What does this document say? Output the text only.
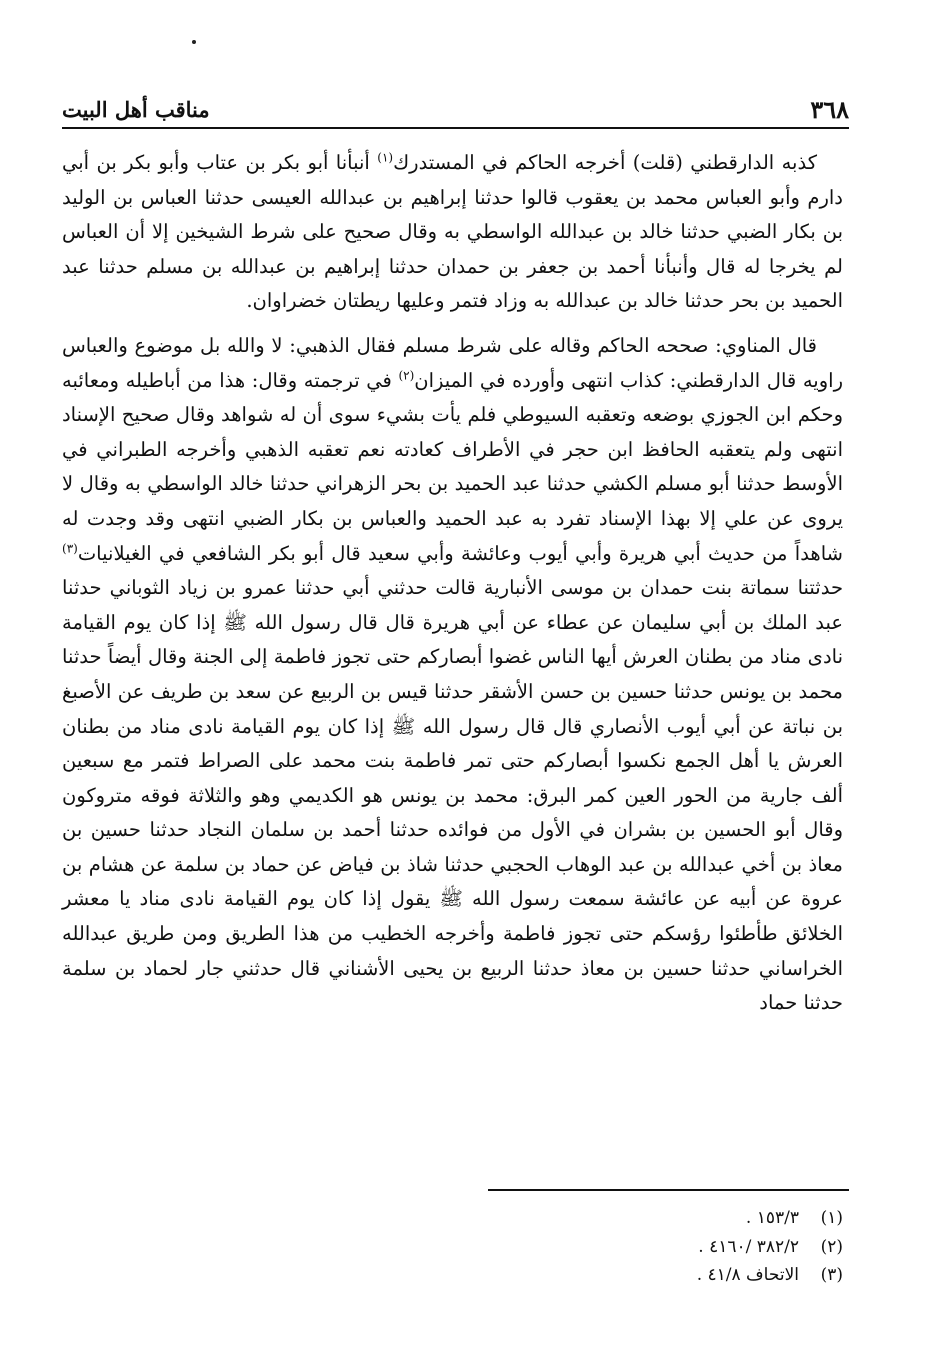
٣٦٨
مناقب أهل البيت

كذبه الدارقطني (قلت) أخرجه الحاكم في المستدرك$^{(١)}$ أنبأنا أبو بكر بن عتاب وأبو بكر بن أبي دارم وأبو العباس محمد بن يعقوب قالوا حدثنا إبراهيم بن عبدالله العيسى حدثنا العباس بن الوليد بن بكار الضبي حدثنا خالد بن عبدالله الواسطي به وقال صحيح على شرط الشيخين إلا أن العباس لم يخرجا له قال وأنبأنا أحمد بن جعفر بن حمدان حدثنا إبراهيم بن عبدالله بن مسلم حدثنا عبد الحميد بن بحر حدثنا خالد بن عبدالله به وزاد فتمر وعليها ريطتان خضراوان.

قال المناوي: صححه الحاكم وقاله على شرط مسلم فقال الذهبي: لا والله بل موضوع والعباس راويه قال الدارقطني: كذاب انتهى وأورده في الميزان$^{(٢)}$ في ترجمته وقال: هذا من أباطيله ومعائبه وحكم ابن الجوزي بوضعه وتعقبه السيوطي فلم يأت بشيء سوى أن له شواهد وقال صحيح الإسناد انتهى ولم يتعقبه الحافظ ابن حجر في الأطراف كعادته نعم تعقبه الذهبي وأخرجه الطبراني في الأوسط حدثنا أبو مسلم الكشي حدثنا عبد الحميد بن بحر الزهراني حدثنا خالد الواسطي به وقال لا يروى عن علي إلا بهذا الإسناد تفرد به عبد الحميد والعباس بن بكار الضبي انتهى وقد وجدت له شاهداً من حديث أبي هريرة وأبي أيوب وعائشة وأبي سعيد قال أبو بكر الشافعي في الغيلانيات$^{(٣)}$ حدثتنا سماتة بنت حمدان بن موسى الأنبارية قالت حدثني أبي حدثنا عمرو بن زياد الثوباني حدثنا عبد الملك بن أبي سليمان عن عطاء عن أبي هريرة قال قال رسول الله ﷺ إذا كان يوم القيامة نادى مناد من بطنان العرش أيها الناس غضوا أبصاركم حتى تجوز فاطمة إلى الجنة وقال أيضاً حدثنا محمد بن يونس حدثنا حسين بن حسن الأشقر حدثنا قيس بن الربيع عن سعد بن طريف عن الأصبغ بن نباتة عن أبي أيوب الأنصاري قال قال رسول الله ﷺ إذا كان يوم القيامة نادى مناد من بطنان العرش يا أهل الجمع نكسوا أبصاركم حتى تمر فاطمة بنت محمد على الصراط فتمر مع سبعين ألف جارية من الحور العين كمر البرق: محمد بن يونس هو الكديمي وهو والثلاثة فوقه متروكون وقال أبو الحسين بن بشران في الأول من فوائده حدثنا أحمد بن سلمان النجاد حدثنا حسين بن معاذ بن أخي عبدالله بن عبد الوهاب الحجبي حدثنا شاذ بن فياض عن حماد بن سلمة عن هشام بن عروة عن أبيه عن عائشة سمعت رسول الله ﷺ يقول إذا كان يوم القيامة نادى مناد يا معشر الخلائق طأطئوا رؤسكم حتى تجوز فاطمة وأخرجه الخطيب من هذا الطريق ومن طريق عبدالله الخراساني حدثنا حسين بن معاذ حدثنا الربيع بن يحيى الأشناني قال حدثني جار لحماد بن سلمة حدثنا حماد

(١)
١٥٣/٣ .
(٢)
٣٨٢/٢ /٤١٦٠ .
(٣)
الاتحاف ٤١/٨ .
